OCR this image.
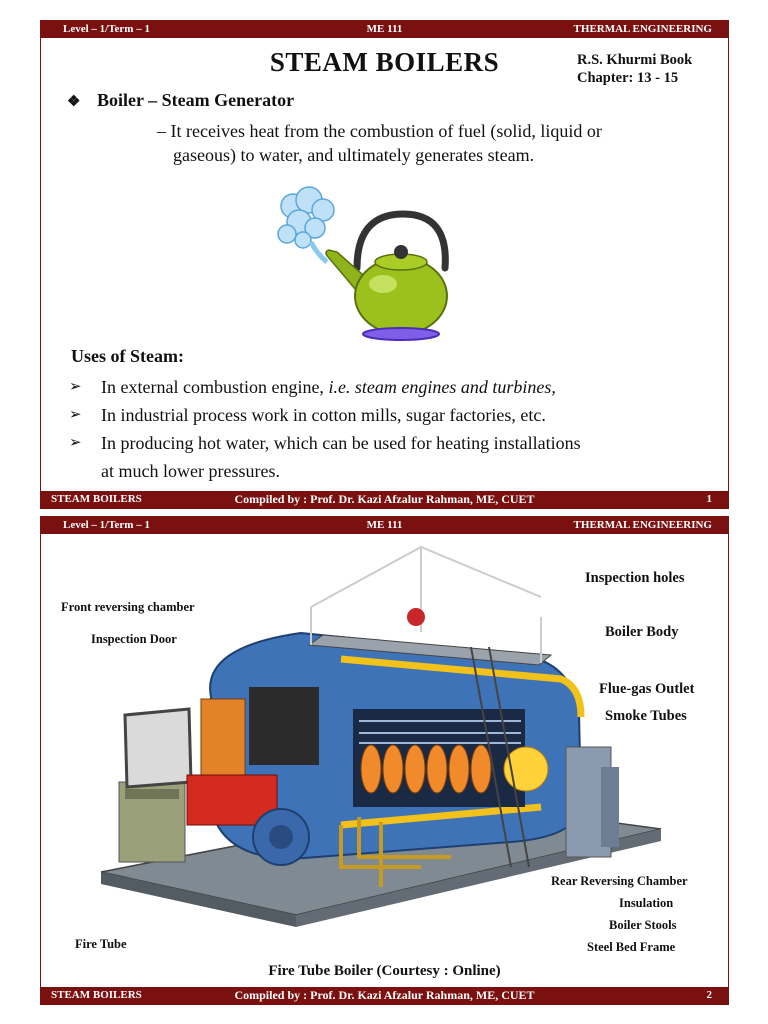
Level – 1/Term – 1	ME 111	THERMAL ENGINEERING
STEAM BOILERS	R.S. Khurmi Book
Chapter: 13 - 15
❖ Boiler – Steam Generator
– It receives heat from the combustion of fuel (solid, liquid or
gaseous) to water, and ultimately generates steam.
Uses of Steam:
➢ In external combustion engine, i.e. steam engines and turbines,
➢ In industrial process work in cotton mills, sugar factories, etc.
➢ In producing hot water, which can be used for heating installations
at much lower pressures.
STEAM BOILERS	Compiled by : Prof. Dr. Kazi Afzalur Rahman, ME, CUET	1
Level – 1/Term – 1	ME 111	THERMAL ENGINEERING
Inspection holes
Front reversing chamber
Boiler Body
Inspection Door
Flue-gas Outlet
Smoke Tubes
Rear Reversing Chamber
Insulation
Boiler Stools
Fire Tube	Steel Bed Frame
Fire Tube Boiler (Courtesy : Online)
STEAM BOILERS	Compiled by : Prof. Dr. Kazi Afzalur Rahman, ME, CUET	2
